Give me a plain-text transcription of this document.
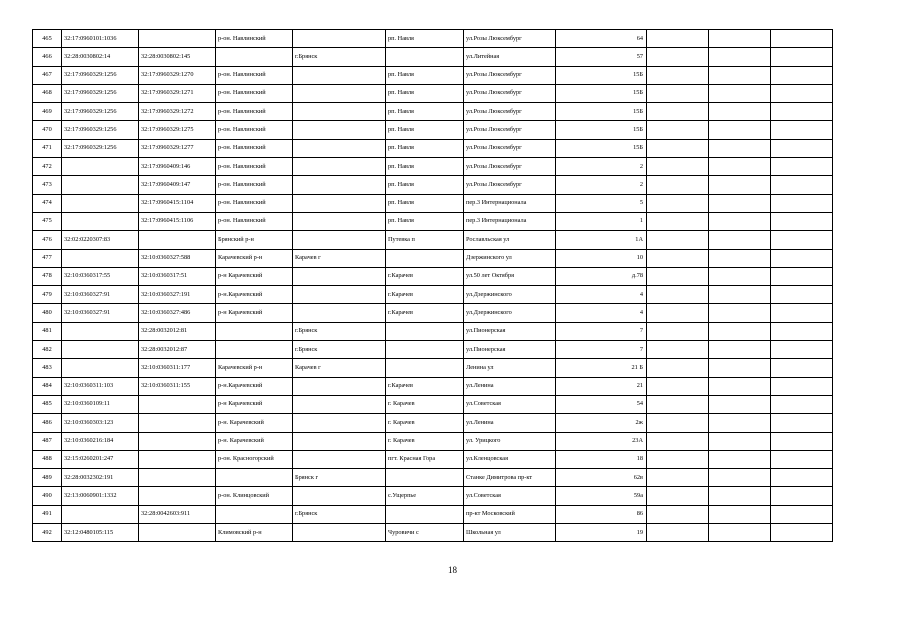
465	32:17:0960101:1036		р-он. Навлинский		рп. Навля	ул.Розы Люксембург	64			
466	32:28:0030802:14	32:28:0030802:145		г.Брянск		ул.Литейная	57			
467	32:17:0960329:1256	32:17:0960329:1270	р-он. Навлинский		рп. Навля	ул.Розы Люксембург	15Б			
468	32:17:0960329:1256	32:17:0960329:1271	р-он. Навлинский		рп. Навля	ул.Розы Люксембург	15Б			
469	32:17:0960329:1256	32:17:0960329:1272	р-он. Навлинский		рп. Навля	ул.Розы Люксембург	15Б			
470	32:17:0960329:1256	32:17:0960329:1275	р-он. Навлинский		рп. Навля	ул.Розы Люксембург	15Б			
471	32:17:0960329:1256	32:17:0960329:1277	р-он. Навлинский		рп. Навля	ул.Розы Люксембург	15Б			
472		32:17:0960409:146	р-он. Навлинский		рп. Навля	ул.Розы Люксембург	2			
473		32:17:0960409:147	р-он. Навлинский		рп. Навля	ул.Розы Люксембург	2			
474		32:17:0960415:1104	р-он. Навлинский		рп. Навля	пер.3 Интернационала	5			
475		32:17:0960415:1106	р-он. Навлинский		рп. Навля	пер.3 Интернационала	1			
476	32:02:0220307:83		Брянский р-н		Путевка п	Рославльская ул	1А			
477		32:10:0360327:588	Карачевский р-н	Карачев г		Дзержинского ул	10			
478	32:10:0360317:55	32:10:0360317:51	р-н Карачевский		г.Карачев	ул.50 лет Октября	д.78			
479	32:10:0360327:91	32:10:0360327:191	р-н.Карачевский		г.Карачев	ул.Дзержинского	4			
480	32:10:0360327:91	32:10:0360327:486	р-н Карачевский		г.Карачев	ул.Дзержинского	4			
481		32:28:0032012:81		г.Брянск		ул.Пионерская	7			
482		32:28:0032012:87		г.Брянск		ул.Пионерская	7			
483		32:10:0360311:177	Карачевский р-н	Карачев г		Ленина ул	21 Б			
484	32:10:0360311:103	32:10:0360311:155	р-н.Карачевский		г.Карачев	ул.Ленина	21			
485	32:10:0360109:11		р-н Карачевский		г. Карачев	ул.Советская	54			
486	32:10:0360303:123		р-н. Карачевский		г. Карачев	ул.Ленина	2ж			
487	32:10:0360216:184		р-н. Карачевский		г. Карачев	ул. Урицкого	23А			
488	32:15:0260201:247		р-он. Красногорский		пгт. Красная Гора	ул.Кленцовская	18			
489	32:28:0032302:191			Брянск г		Станке Димитрова пр-кт	62в			
490	32:13:0060901:1332		р-он. Клинцовский		с.Ущерпье	ул.Советская	59а			
491		32:28:0042603:911		г.Брянск		пр-кт Московский	86			
492	32:12:0480105:115		Климовский р-н		Чуровичи с	Школьная ул	19			
18
